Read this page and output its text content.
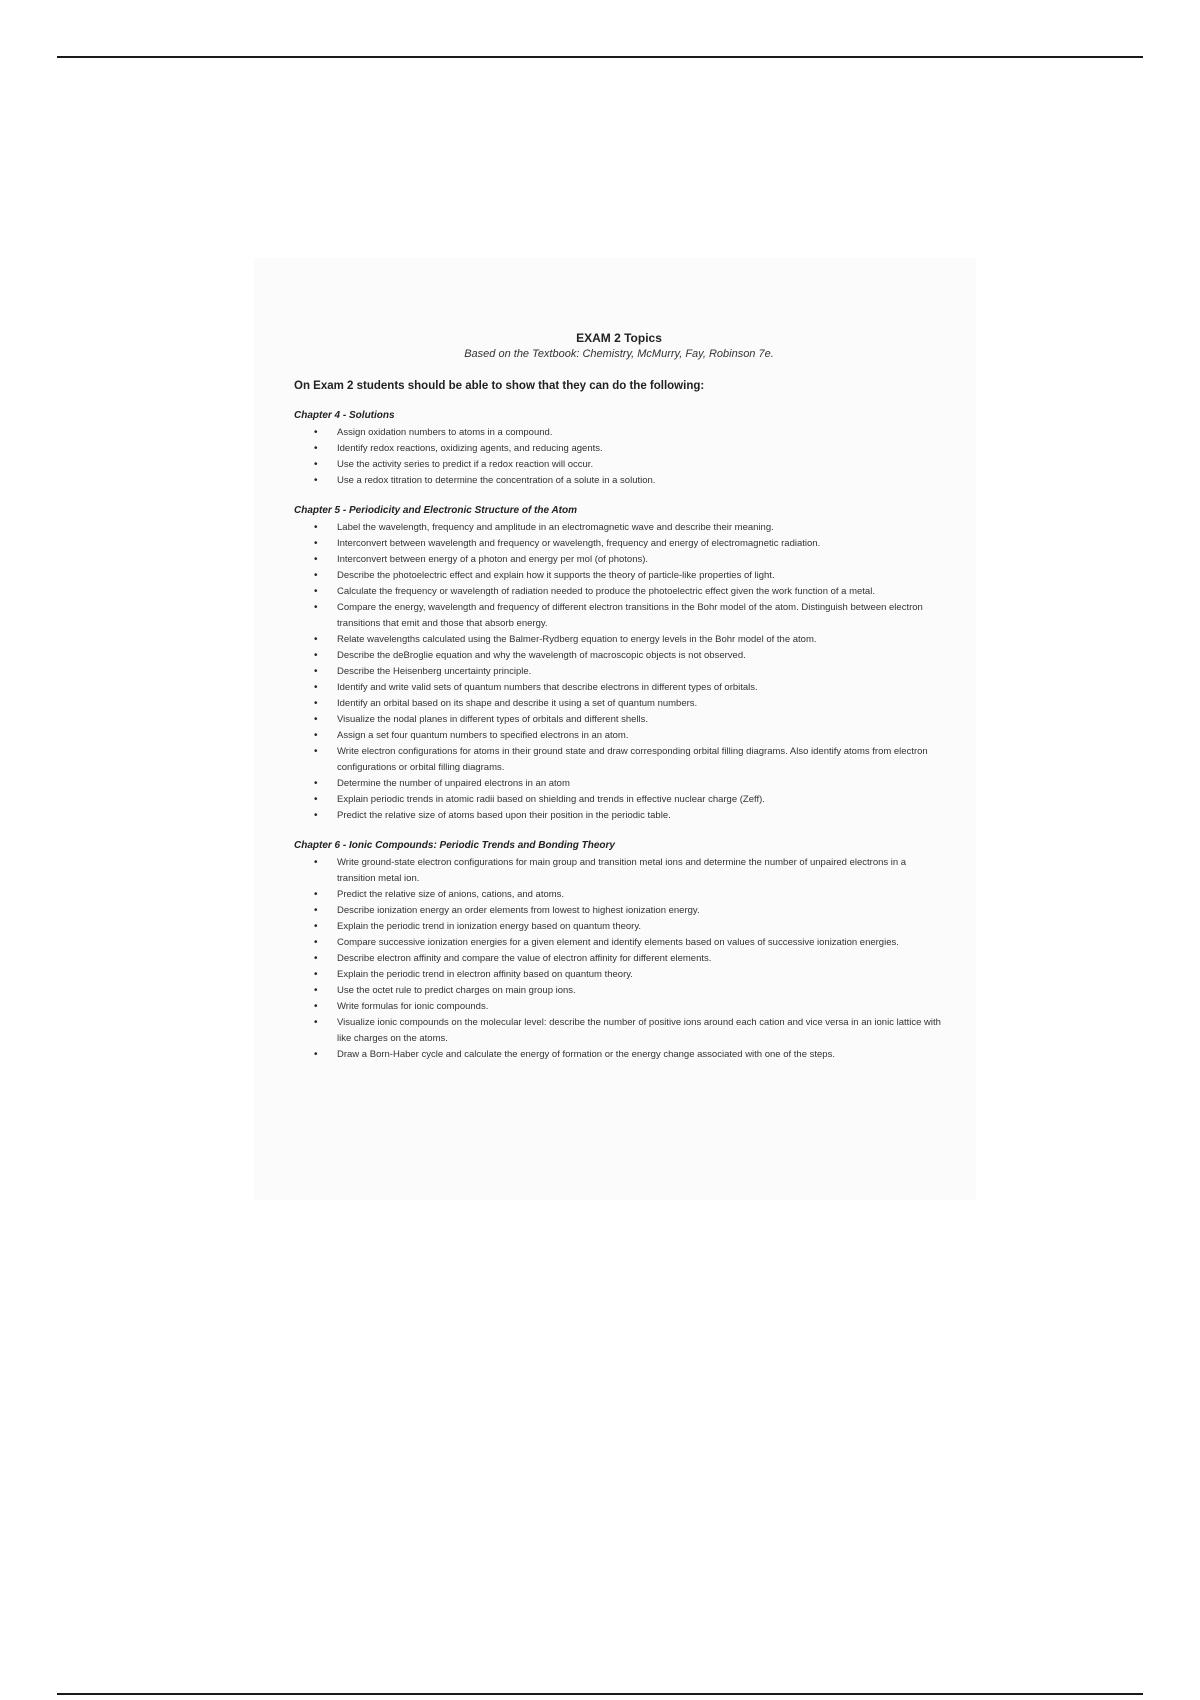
EXAM 2 Topics
Based on the Textbook: Chemistry, McMurry, Fay, Robinson 7e.
On Exam 2 students should be able to show that they can do the following:
Chapter 4 - Solutions
• Assign oxidation numbers to atoms in a compound.
• Identify redox reactions, oxidizing agents, and reducing agents.
• Use the activity series to predict if a redox reaction will occur.
• Use a redox titration to determine the concentration of a solute in a solution.
Chapter 5 - Periodicity and Electronic Structure of the Atom
• Label the wavelength, frequency and amplitude in an electromagnetic wave and describe their meaning.
• Interconvert between wavelength and frequency or wavelength, frequency and energy of electromagnetic radiation.
• Interconvert between energy of a photon and energy per mol (of photons).
• Describe the photoelectric effect and explain how it supports the theory of particle-like properties of light.
• Calculate the frequency or wavelength of radiation needed to produce the photoelectric effect given the work function of a metal.
• Compare the energy, wavelength and frequency of different electron transitions in the Bohr model of the atom. Distinguish between electron transitions that emit and those that absorb energy.
• Relate wavelengths calculated using the Balmer-Rydberg equation to energy levels in the Bohr model of the atom.
• Describe the deBroglie equation and why the wavelength of macroscopic objects is not observed.
• Describe the Heisenberg uncertainty principle.
• Identify and write valid sets of quantum numbers that describe electrons in different types of orbitals.
• Identify an orbital based on its shape and describe it using a set of quantum numbers.
• Visualize the nodal planes in different types of orbitals and different shells.
• Assign a set four quantum numbers to specified electrons in an atom.
• Write electron configurations for atoms in their ground state and draw corresponding orbital filling diagrams. Also identify atoms from electron configurations or orbital filling diagrams.
• Determine the number of unpaired electrons in an atom
• Explain periodic trends in atomic radii based on shielding and trends in effective nuclear charge (Zeff).
• Predict the relative size of atoms based upon their position in the periodic table.
Chapter 6 - Ionic Compounds: Periodic Trends and Bonding Theory
• Write ground-state electron configurations for main group and transition metal ions and determine the number of unpaired electrons in a transition metal ion.
• Predict the relative size of anions, cations, and atoms.
• Describe ionization energy an order elements from lowest to highest ionization energy.
• Explain the periodic trend in ionization energy based on quantum theory.
• Compare successive ionization energies for a given element and identify elements based on values of successive ionization energies.
• Describe electron affinity and compare the value of electron affinity for different elements.
• Explain the periodic trend in electron affinity based on quantum theory.
• Use the octet rule to predict charges on main group ions.
• Write formulas for ionic compounds.
• Visualize ionic compounds on the molecular level: describe the number of positive ions around each cation and vice versa in an ionic lattice with like charges on the atoms.
• Draw a Born-Haber cycle and calculate the energy of formation or the energy change associated with one of the steps.
